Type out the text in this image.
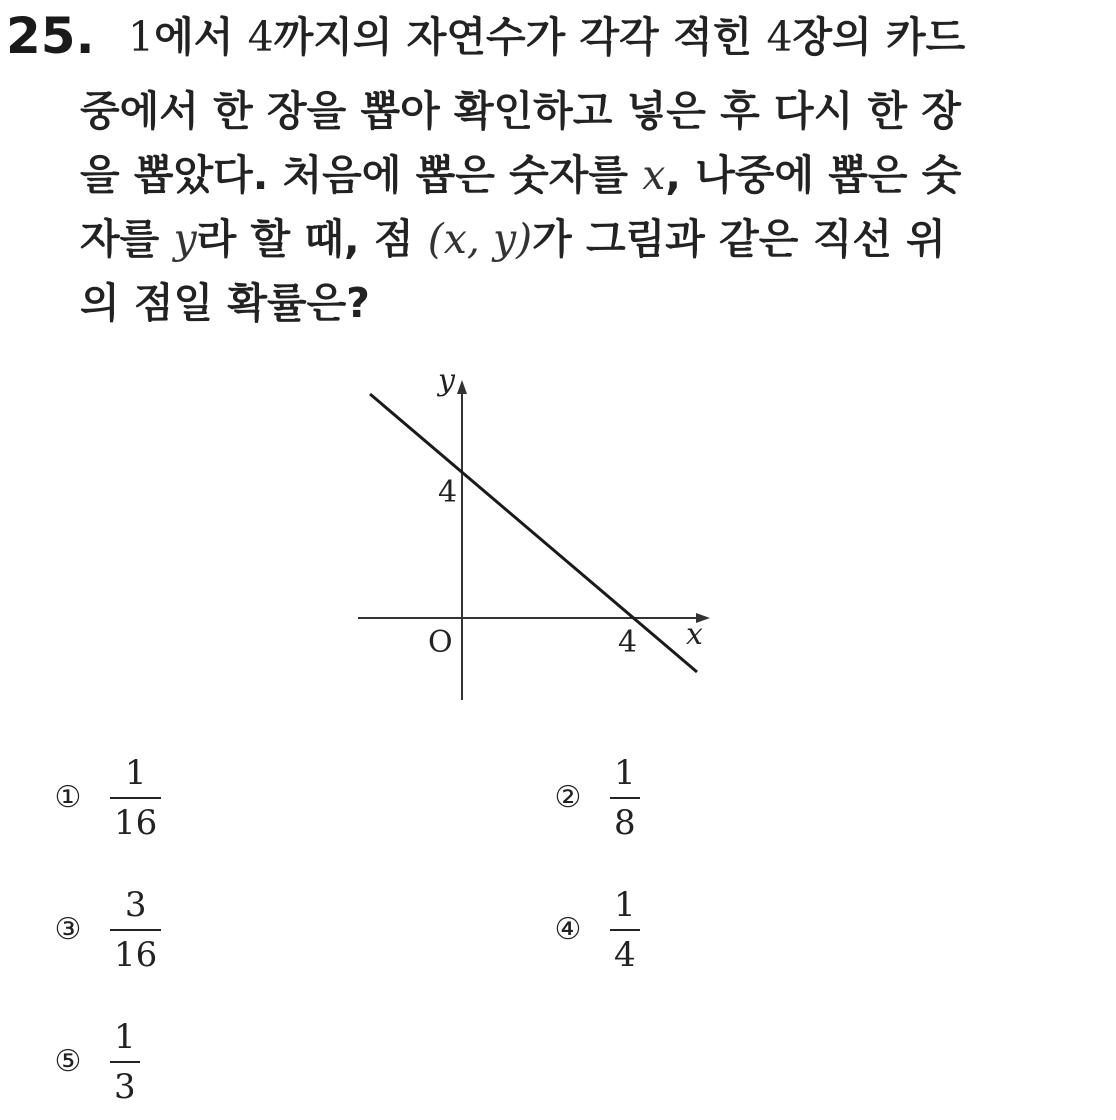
25. 1에서 4까지의 자연수가 각각 적힌 4장의 카드
중에서 한 장을 뽑아 확인하고 넣은 후 다시 한 장
을 뽑았다. 처음에 뽑은 숫자를 x, 나중에 뽑은 숫
자를 y라 할 때, 점 (x, y)가 그림과 같은 직선 위
의 점일 확률은?
y
x
O
4
4
① $\frac{1}{16}$	② $\frac{1}{8}$
③ $\frac{3}{16}$	④ $\frac{1}{4}$
⑤ $\frac{1}{3}$
